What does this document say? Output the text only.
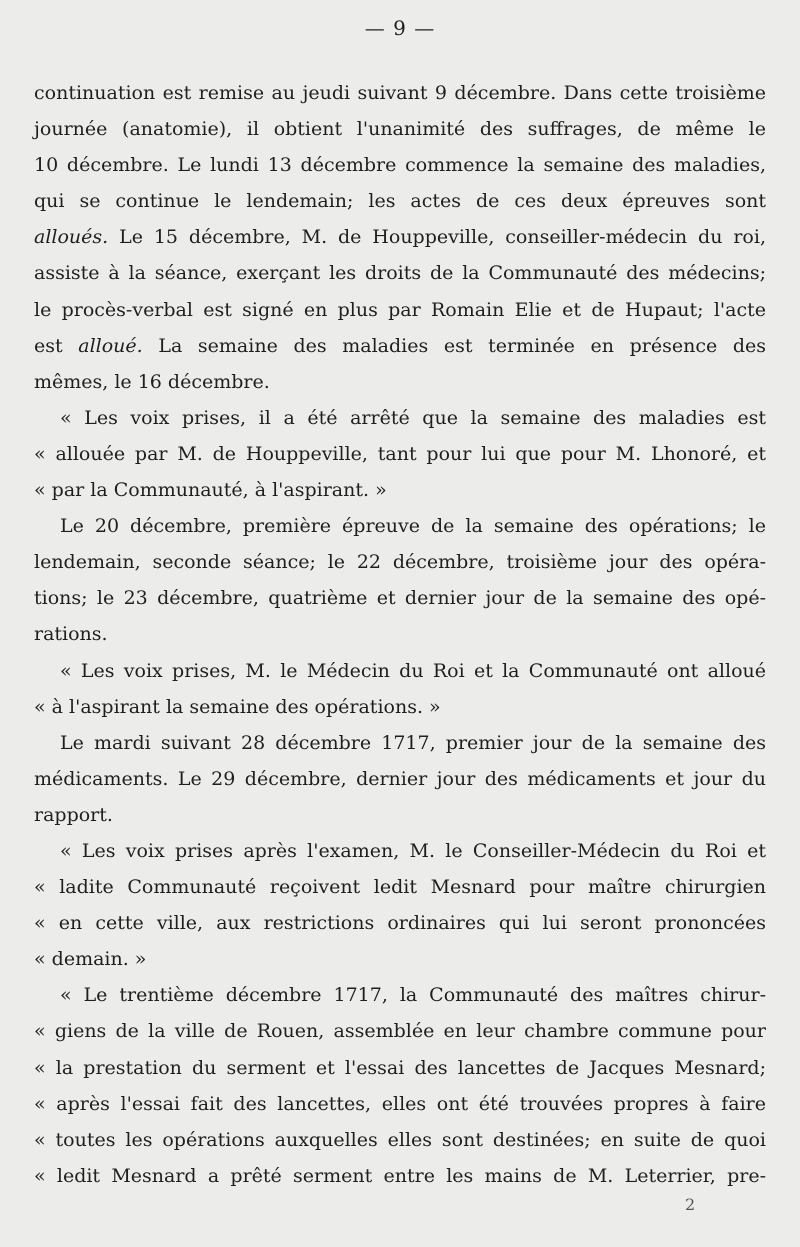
— 9 —

continuation est remise au jeudi suivant 9 décembre. Dans cette troisième

journée (anatomie), il obtient l'unanimité des suffrages, de même le

10 décembre. Le lundi 13 décembre commence la semaine des maladies,

qui se continue le lendemain; les actes de ces deux épreuves sont

alloués. Le 15 décembre, M. de Houppeville, conseiller-médecin du roi,

assiste à la séance, exerçant les droits de la Communauté des médecins;

le procès-verbal est signé en plus par Romain Elie et de Hupaut; l'acte

est alloué. La semaine des maladies est terminée en présence des

mêmes, le 16 décembre.

« Les voix prises, il a été arrêté que la semaine des maladies est

« allouée par M. de Houppeville, tant pour lui que pour M. Lhonoré, et

« par la Communauté, à l'aspirant. »

Le 20 décembre, première épreuve de la semaine des opérations; le

lendemain, seconde séance; le 22 décembre, troisième jour des opéra-

tions; le 23 décembre, quatrième et dernier jour de la semaine des opé-

rations.

« Les voix prises, M. le Médecin du Roi et la Communauté ont alloué

« à l'aspirant la semaine des opérations. »

Le mardi suivant 28 décembre 1717, premier jour de la semaine des

médicaments. Le 29 décembre, dernier jour des médicaments et jour du

rapport.

« Les voix prises après l'examen, M. le Conseiller-Médecin du Roi et

« ladite Communauté reçoivent ledit Mesnard pour maître chirurgien

« en cette ville, aux restrictions ordinaires qui lui seront prononcées

« demain. »

« Le trentième décembre 1717, la Communauté des maîtres chirur-

« giens de la ville de Rouen, assemblée en leur chambre commune pour

« la prestation du serment et l'essai des lancettes de Jacques Mesnard;

« après l'essai fait des lancettes, elles ont été trouvées propres à faire

« toutes les opérations auxquelles elles sont destinées; en suite de quoi

« ledit Mesnard a prêté serment entre les mains de M. Leterrier, pre-

2
